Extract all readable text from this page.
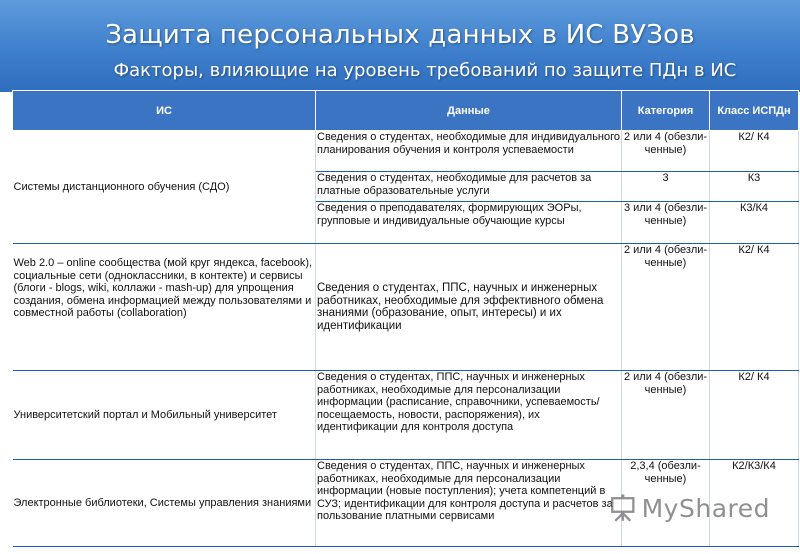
Защита персональных данных в ИС ВУЗов
Факторы, влияющие на уровень требований по защите ПДн в ИС
ИС	Данные	Категория	Класс ИСПДн
Системы дистанционного обучения (СДО)	Сведения о студентах, необходимые для индивидуального планирования обучения и контроля успеваемости	2 или 4 (обезли-ченные)	К2/ К4
	Сведения о студентах, необходимые для расчетов за платные образовательные услуги	3	К3
	Сведения о преподавателях, формирующих ЭОРы, групповые и индивидуальные обучающие курсы	3 или 4 (обезли-ченные)	К3/К4
Web 2.0 – online сообщества (мой круг яндекса, facebook), социальные сети (одноклассники, в контекте) и сервисы (блоги - blogs, wiki, коллажи - mash-up) для упрощения создания, обмена информацией между пользователями и совместной работы (collaboration)	Сведения о студентах, ППС, научных и инженерных работниках, необходимые для эффективного обмена знаниями (образование, опыт, интересы) и их идентификации	2 или 4 (обезли-ченные)	К2/ К4
Университетский портал и Мобильный университет	Сведения о студентах, ППС, научных и инженерных работниках, необходимые для персонализации информации (расписание, справочники, успеваемость/посещаемость, новости, распоряжения), их идентификации для контроля доступа	2 или 4 (обезли-ченные)	К2/ К4
Электронные библиотеки, Системы управления знаниями	Сведения о студентах, ППС, научных и инженерных работниках, необходимые для персонализации информации (новые поступления); учета компетенций в СУЗ; идентификации для контроля доступа и расчетов за пользование платными сервисами	2,3,4 (обезли-ченные)	К2/К3/К4
MyShared
